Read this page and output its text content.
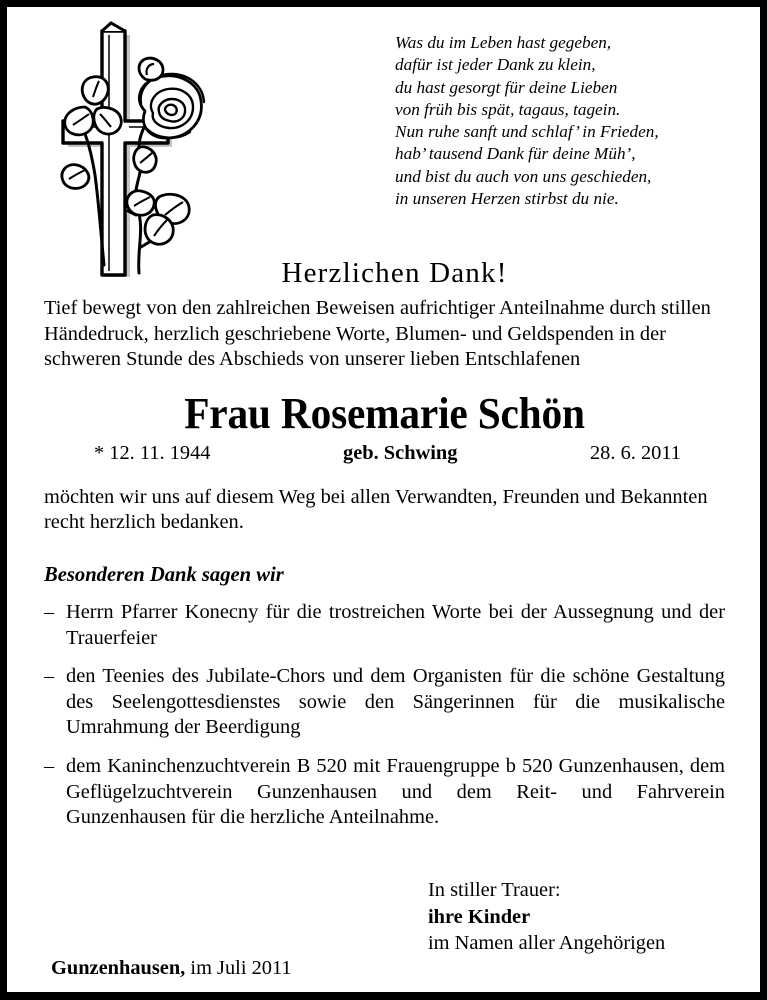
Was du im Leben hast gegeben,
dafür ist jeder Dank zu klein,
du hast gesorgt für deine Lieben
von früh bis spät, tagaus, tagein.
Nun ruhe sanft und schlaf’ in Frieden,
hab’ tausend Dank für deine Müh’,
und bist du auch von uns geschieden,
in unseren Herzen stirbst du nie.
Herzlichen Dank!

Tief bewegt von den zahlreichen Beweisen aufrichtiger Anteilnahme durch stillen Händedruck, herzlich geschriebene Worte, Blumen- und Geldspenden in der schweren Stunde des Abschieds von unserer lieben Entschlafenen

Frau Rosemarie Schön
* 12. 11. 1944	geb. Schwing	28. 6. 2011

möchten wir uns auf diesem Weg bei allen Verwandten, Freunden und Bekannten recht herzlich bedanken.

Besonderen Dank sagen wir
– Herrn Pfarrer Konecny für die trostreichen Worte bei der Aussegnung und der Trauerfeier
– den Teenies des Jubilate-Chors und dem Organisten für die schöne Gestaltung des Seelengottesdienstes sowie den Sängerinnen für die musikalische Umrahmung der Beerdigung
– dem Kaninchenzuchtverein B 520 mit Frauengruppe b 520 Gunzenhausen, dem Geflügelzuchtverein Gunzenhausen und dem Reit- und Fahrverein Gunzenhausen für die herzliche Anteilnahme.
In stiller Trauer:
ihre Kinder
im Namen aller Angehörigen
Gunzenhausen, im Juli 2011
